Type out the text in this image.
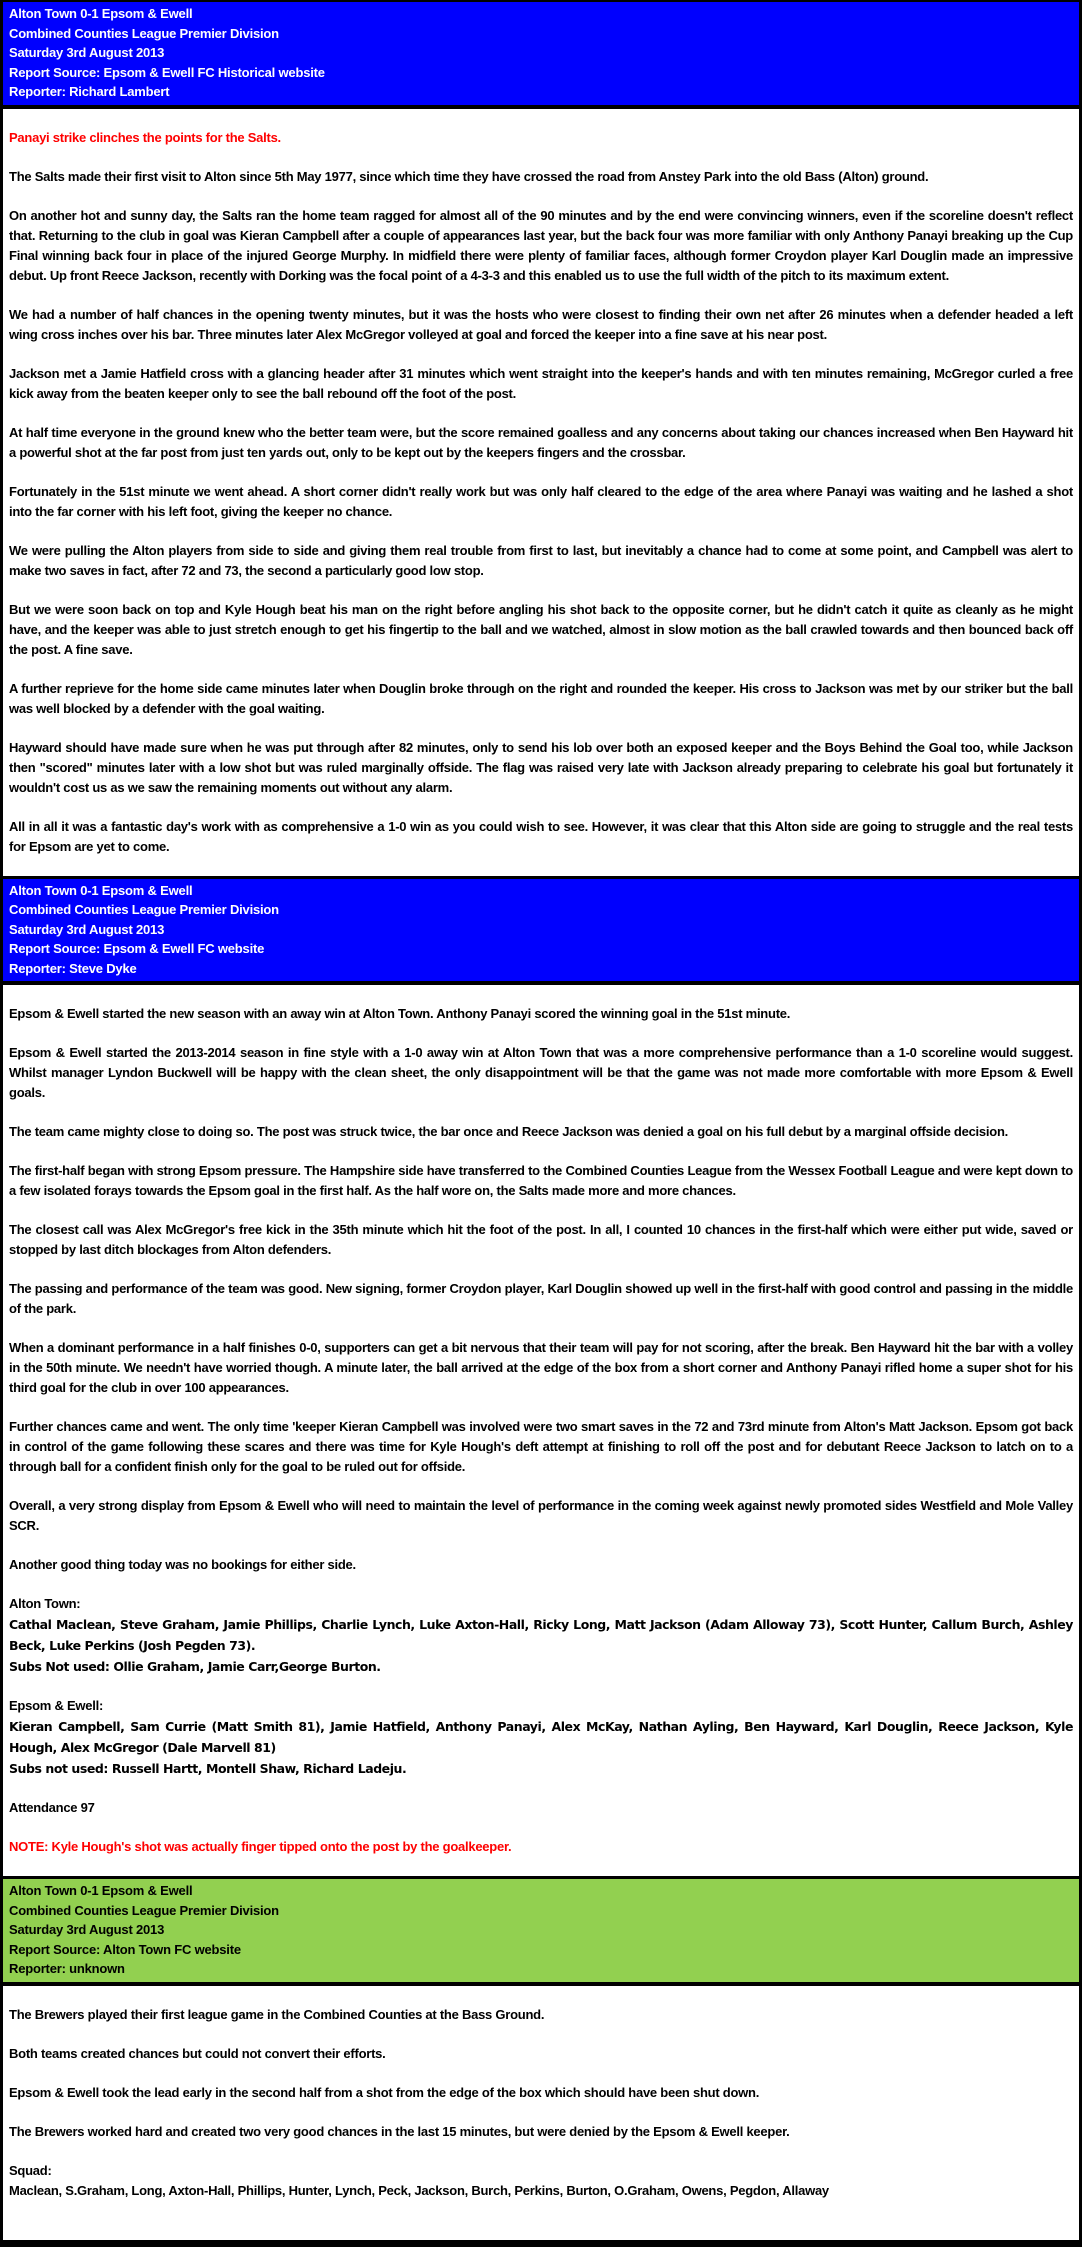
Alton Town 0-1 Epsom & Ewell
Combined Counties League Premier Division
Saturday 3rd August 2013
Report Source: Epsom & Ewell FC Historical website
Reporter: Richard Lambert
Panayi strike clinches the points for the Salts.
The Salts made their first visit to Alton since 5th May 1977, since which time they have crossed the road from Anstey Park into the old Bass (Alton) ground.
On another hot and sunny day, the Salts ran the home team ragged for almost all of the 90 minutes and by the end were convincing winners, even if the scoreline doesn't reflect that. Returning to the club in goal was Kieran Campbell after a couple of appearances last year, but the back four was more familiar with only Anthony Panayi breaking up the Cup Final winning back four in place of the injured George Murphy. In midfield there were plenty of familiar faces, although former Croydon player Karl Douglin made an impressive debut. Up front Reece Jackson, recently with Dorking was the focal point of a 4-3-3 and this enabled us to use the full width of the pitch to its maximum extent.
We had a number of half chances in the opening twenty minutes, but it was the hosts who were closest to finding their own net after 26 minutes when a defender headed a left wing cross inches over his bar. Three minutes later Alex McGregor volleyed at goal and forced the keeper into a fine save at his near post.
Jackson met a Jamie Hatfield cross with a glancing header after 31 minutes which went straight into the keeper's hands and with ten minutes remaining, McGregor curled a free kick away from the beaten keeper only to see the ball rebound off the foot of the post.
At half time everyone in the ground knew who the better team were, but the score remained goalless and any concerns about taking our chances increased when Ben Hayward hit a powerful shot at the far post from just ten yards out, only to be kept out by the keepers fingers and the crossbar.
Fortunately in the 51st minute we went ahead. A short corner didn't really work but was only half cleared to the edge of the area where Panayi was waiting and he lashed a shot into the far corner with his left foot, giving the keeper no chance.
We were pulling the Alton players from side to side and giving them real trouble from first to last, but inevitably a chance had to come at some point, and Campbell was alert to make two saves in fact, after 72 and 73, the second a particularly good low stop.
But we were soon back on top and Kyle Hough beat his man on the right before angling his shot back to the opposite corner, but he didn't catch it quite as cleanly as he might have, and the keeper was able to just stretch enough to get his fingertip to the ball and we watched, almost in slow motion as the ball crawled towards and then bounced back off the post. A fine save.
A further reprieve for the home side came minutes later when Douglin broke through on the right and rounded the keeper. His cross to Jackson was met by our striker but the ball was well blocked by a defender with the goal waiting.
Hayward should have made sure when he was put through after 82 minutes, only to send his lob over both an exposed keeper and the Boys Behind the Goal too, while Jackson then "scored" minutes later with a low shot but was ruled marginally offside. The flag was raised very late with Jackson already preparing to celebrate his goal but fortunately it wouldn't cost us as we saw the remaining moments out without any alarm.
All in all it was a fantastic day's work with as comprehensive a 1-0 win as you could wish to see. However, it was clear that this Alton side are going to struggle and the real tests for Epsom are yet to come.
Alton Town 0-1 Epsom & Ewell
Combined Counties League Premier Division
Saturday 3rd August 2013
Report Source: Epsom & Ewell FC website
Reporter: Steve Dyke
Epsom & Ewell started the new season with an away win at Alton Town. Anthony Panayi scored the winning goal in the 51st minute.
Epsom & Ewell started the 2013-2014 season in fine style with a 1-0 away win at Alton Town that was a more comprehensive performance than a 1-0 scoreline would suggest. Whilst manager Lyndon Buckwell will be happy with the clean sheet, the only disappointment will be that the game was not made more comfortable with more Epsom & Ewell goals.
The team came mighty close to doing so. The post was struck twice, the bar once and Reece Jackson was denied a goal on his full debut by a marginal offside decision.
The first-half began with strong Epsom pressure. The Hampshire side have transferred to the Combined Counties League from the Wessex Football League and were kept down to a few isolated forays towards the Epsom goal in the first half. As the half wore on, the Salts made more and more chances.
The closest call was Alex McGregor's free kick in the 35th minute which hit the foot of the post. In all, I counted 10 chances in the first-half which were either put wide, saved or stopped by last ditch blockages from Alton defenders.
The passing and performance of the team was good. New signing, former Croydon player, Karl Douglin showed up well in the first-half with good control and passing in the middle of the park.
When a dominant performance in a half finishes 0-0, supporters can get a bit nervous that their team will pay for not scoring, after the break. Ben Hayward hit the bar with a volley in the 50th minute. We needn't have worried though. A minute later, the ball arrived at the edge of the box from a short corner and Anthony Panayi rifled home a super shot for his third goal for the club in over 100 appearances.
Further chances came and went. The only time 'keeper Kieran Campbell was involved were two smart saves in the 72 and 73rd minute from Alton's Matt Jackson. Epsom got back in control of the game following these scares and there was time for Kyle Hough's deft attempt at finishing to roll off the post and for debutant Reece Jackson to latch on to a through ball for a confident finish only for the goal to be ruled out for offside.
Overall, a very strong display from Epsom & Ewell who will need to maintain the level of performance in the coming week against newly promoted sides Westfield and Mole Valley SCR.
Another good thing today was no bookings for either side.
Alton Town:
Cathal Maclean, Steve Graham, Jamie Phillips, Charlie Lynch, Luke Axton-Hall, Ricky Long, Matt Jackson (Adam Alloway 73), Scott Hunter, Callum Burch, Ashley Beck, Luke Perkins (Josh Pegden 73).
Subs Not used: Ollie Graham, Jamie Carr,George Burton.
Epsom & Ewell:
Kieran Campbell, Sam Currie (Matt Smith 81), Jamie Hatfield, Anthony Panayi, Alex McKay, Nathan Ayling, Ben Hayward, Karl Douglin, Reece Jackson, Kyle Hough, Alex McGregor (Dale Marvell 81)
Subs not used: Russell Hartt, Montell Shaw, Richard Ladeju.
Attendance 97
NOTE: Kyle Hough's shot was actually finger tipped onto the post by the goalkeeper.
Alton Town 0-1 Epsom & Ewell
Combined Counties League Premier Division
Saturday 3rd August 2013
Report Source: Alton Town FC website
Reporter: unknown
The Brewers played their first league game in the Combined Counties at the Bass Ground.
Both teams created chances but could not convert their efforts.
Epsom & Ewell took the lead early in the second half from a shot from the edge of the box which should have been shut down.
The Brewers worked hard and created two very good chances in the last 15 minutes, but were denied by the Epsom & Ewell keeper.
Squad:
Maclean, S.Graham, Long, Axton-Hall, Phillips, Hunter, Lynch, Peck, Jackson, Burch, Perkins, Burton, O.Graham, Owens, Pegdon, Allaway
